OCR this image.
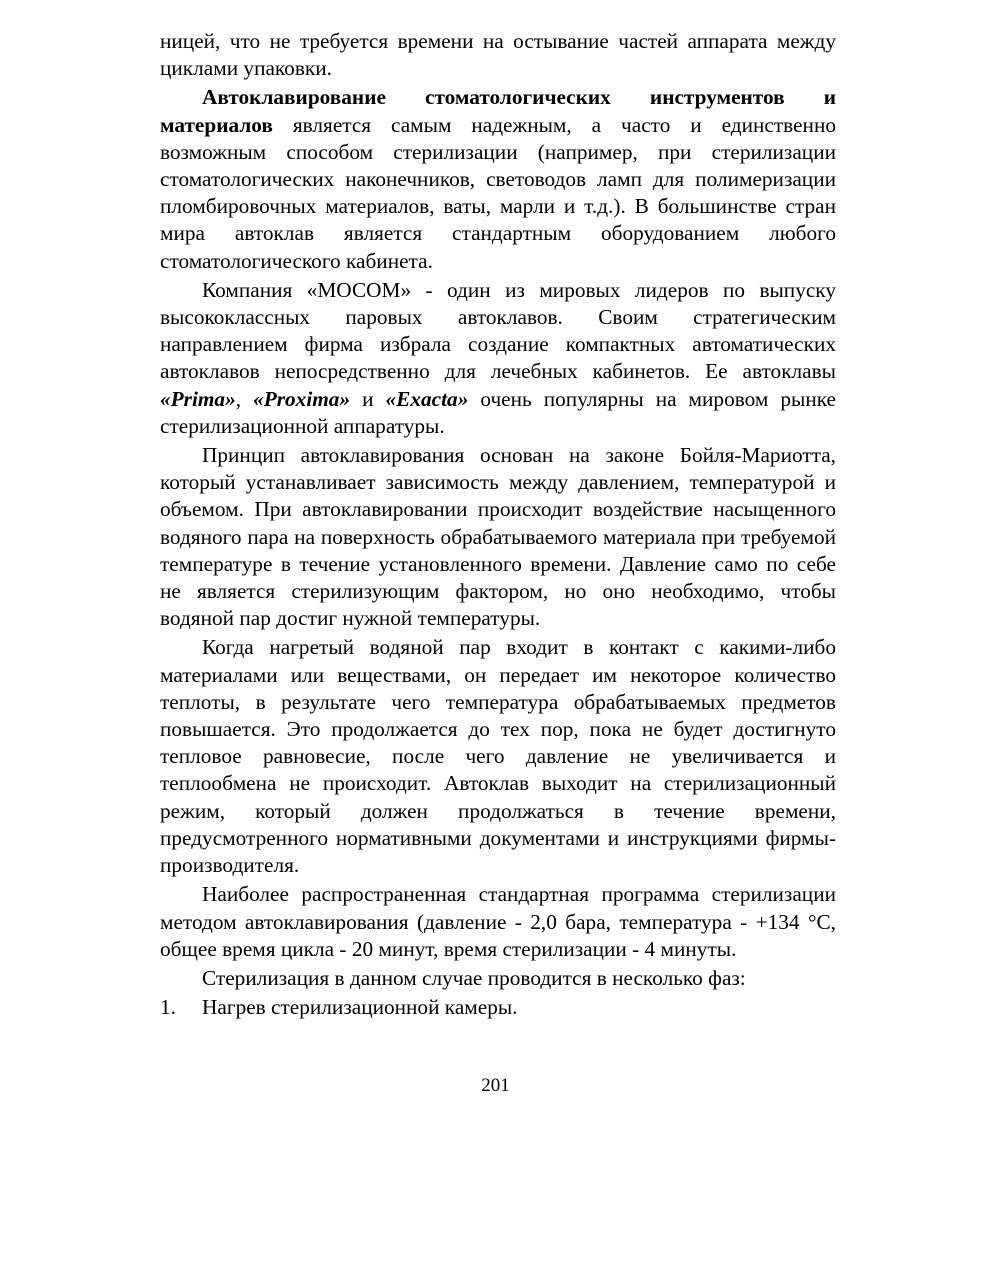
ницей, что не требуется времени на остывание частей аппарата между циклами упаковки.

Автоклавирование стоматологических инструментов и материалов является самым надежным, а часто и единственно возможным способом стерилизации (например, при стерилизации стоматологических наконечников, световодов ламп для полимеризации пломбировочных материалов, ваты, марли и т.д.). В большинстве стран мира автоклав является стандартным оборудованием любого стоматологического кабинета.

Компания «МОСОМ» - один из мировых лидеров по выпуску высококлассных паровых автоклавов. Своим стратегическим направлением фирма избрала создание компактных автоматических автоклавов непосредственно для лечебных кабинетов. Ее автоклавы «Prima», «Proxima» и «Exacta» очень популярны на мировом рынке стерилизационной аппаратуры.

Принцип автоклавирования основан на законе Бойля-Мариотта, который устанавливает зависимость между давлением, температурой и объемом. При автоклавировании происходит воздействие насыщенного водяного пара на поверхность обрабатываемого материала при требуемой температуре в течение установленного времени. Давление само по себе не является стерилизующим фактором, но оно необходимо, чтобы водяной пар достиг нужной температуры.

Когда нагретый водяной пар входит в контакт с какими-либо материалами или веществами, он передает им некоторое количество теплоты, в результате чего температура обрабатываемых предметов повышается. Это продолжается до тех пор, пока не будет достигнуто тепловое равновесие, после чего давление не увеличивается и теплообмена не происходит. Автоклав выходит на стерилизационный режим, который должен продолжаться в течение времени, предусмотренного нормативными документами и инструкциями фирмы-производителя.

Наиболее распространенная стандартная программа стерилизации методом автоклавирования (давление - 2,0 бара, температура - +134 °С, общее время цикла - 20 минут, время стерилизации - 4 минуты.

Стерилизация в данном случае проводится в несколько фаз:

1.	Нагрев стерилизационной камеры.
201
